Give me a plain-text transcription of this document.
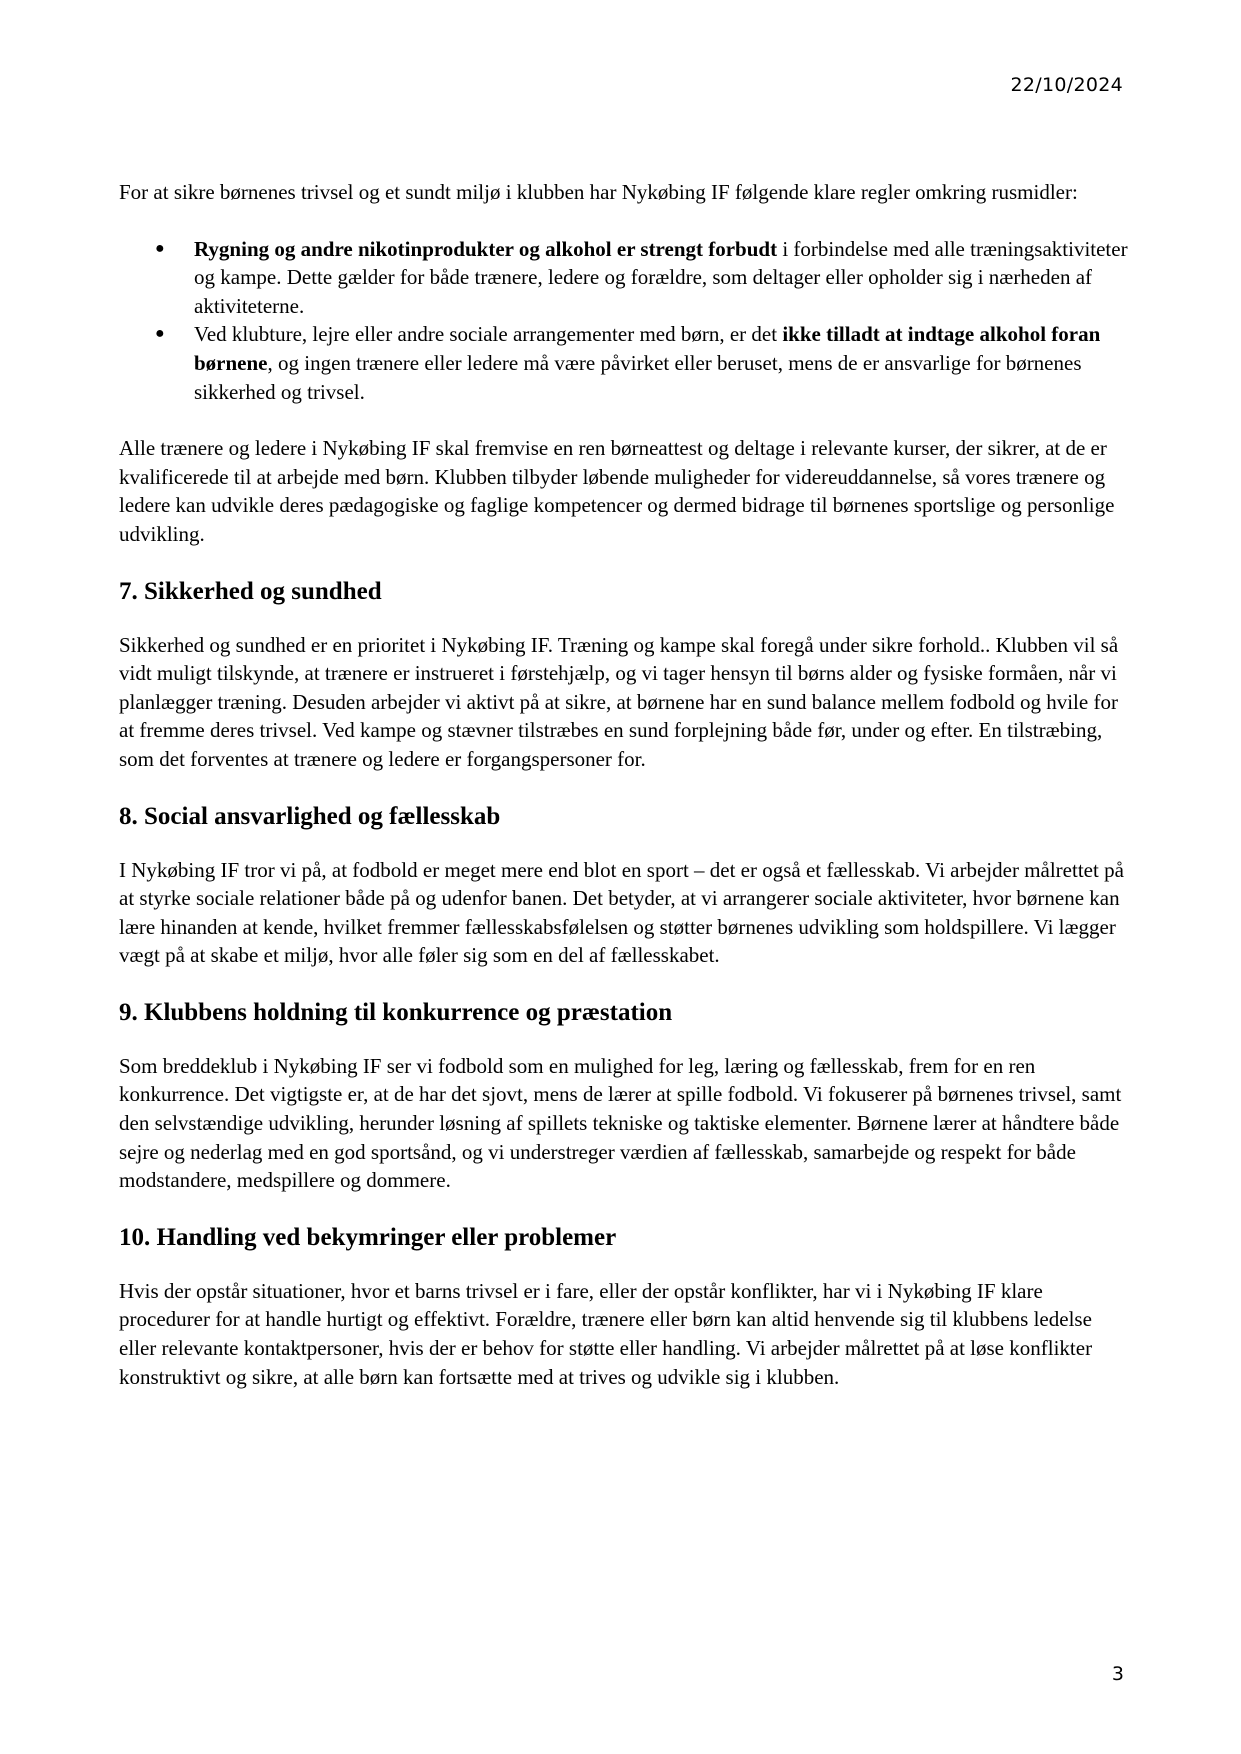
22/10/2024

For at sikre børnenes trivsel og et sundt miljø i klubben har Nykøbing IF følgende klare regler omkring rusmidler:

● Rygning og andre nikotinprodukter og alkohol er strengt forbudt i forbindelse med alle træningsaktiviteter og kampe. Dette gælder for både trænere, ledere og forældre, som deltager eller opholder sig i nærheden af aktiviteterne.
● Ved klubture, lejre eller andre sociale arrangementer med børn, er det ikke tilladt at indtage alkohol foran børnene, og ingen trænere eller ledere må være påvirket eller beruset, mens de er ansvarlige for børnenes sikkerhed og trivsel.

Alle trænere og ledere i Nykøbing IF skal fremvise en ren børneattest og deltage i relevante kurser, der sikrer, at de er kvalificerede til at arbejde med børn. Klubben tilbyder løbende muligheder for videreuddannelse, så vores trænere og ledere kan udvikle deres pædagogiske og faglige kompetencer og dermed bidrage til børnenes sportslige og personlige udvikling.

7. Sikkerhed og sundhed

Sikkerhed og sundhed er en prioritet i Nykøbing IF. Træning og kampe skal foregå under sikre forhold.. Klubben vil så vidt muligt tilskynde, at trænere er instrueret i førstehjælp, og vi tager hensyn til børns alder og fysiske formåen, når vi planlægger træning. Desuden arbejder vi aktivt på at sikre, at børnene har en sund balance mellem fodbold og hvile for at fremme deres trivsel. Ved kampe og stævner tilstræbes en sund forplejning både før, under og efter. En tilstræbing, som det forventes at trænere og ledere er forgangspersoner for.

8. Social ansvarlighed og fællesskab

I Nykøbing IF tror vi på, at fodbold er meget mere end blot en sport – det er også et fællesskab. Vi arbejder målrettet på at styrke sociale relationer både på og udenfor banen. Det betyder, at vi arrangerer sociale aktiviteter, hvor børnene kan lære hinanden at kende, hvilket fremmer fællesskabsfølelsen og støtter børnenes udvikling som holdspillere. Vi lægger vægt på at skabe et miljø, hvor alle føler sig som en del af fællesskabet.

9. Klubbens holdning til konkurrence og præstation

Som breddeklub i Nykøbing IF ser vi fodbold som en mulighed for leg, læring og fællesskab, frem for en ren konkurrence. Det vigtigste er, at de har det sjovt, mens de lærer at spille fodbold. Vi fokuserer på børnenes trivsel, samt den selvstændige udvikling, herunder løsning af spillets tekniske og taktiske elementer. Børnene lærer at håndtere både sejre og nederlag med en god sportsånd, og vi understreger værdien af fællesskab, samarbejde og respekt for både modstandere, medspillere og dommere.

10. Handling ved bekymringer eller problemer

Hvis der opstår situationer, hvor et barns trivsel er i fare, eller der opstår konflikter, har vi i Nykøbing IF klare procedurer for at handle hurtigt og effektivt. Forældre, trænere eller børn kan altid henvende sig til klubbens ledelse eller relevante kontaktpersoner, hvis der er behov for støtte eller handling. Vi arbejder målrettet på at løse konflikter konstruktivt og sikre, at alle børn kan fortsætte med at trives og udvikle sig i klubben.

3
